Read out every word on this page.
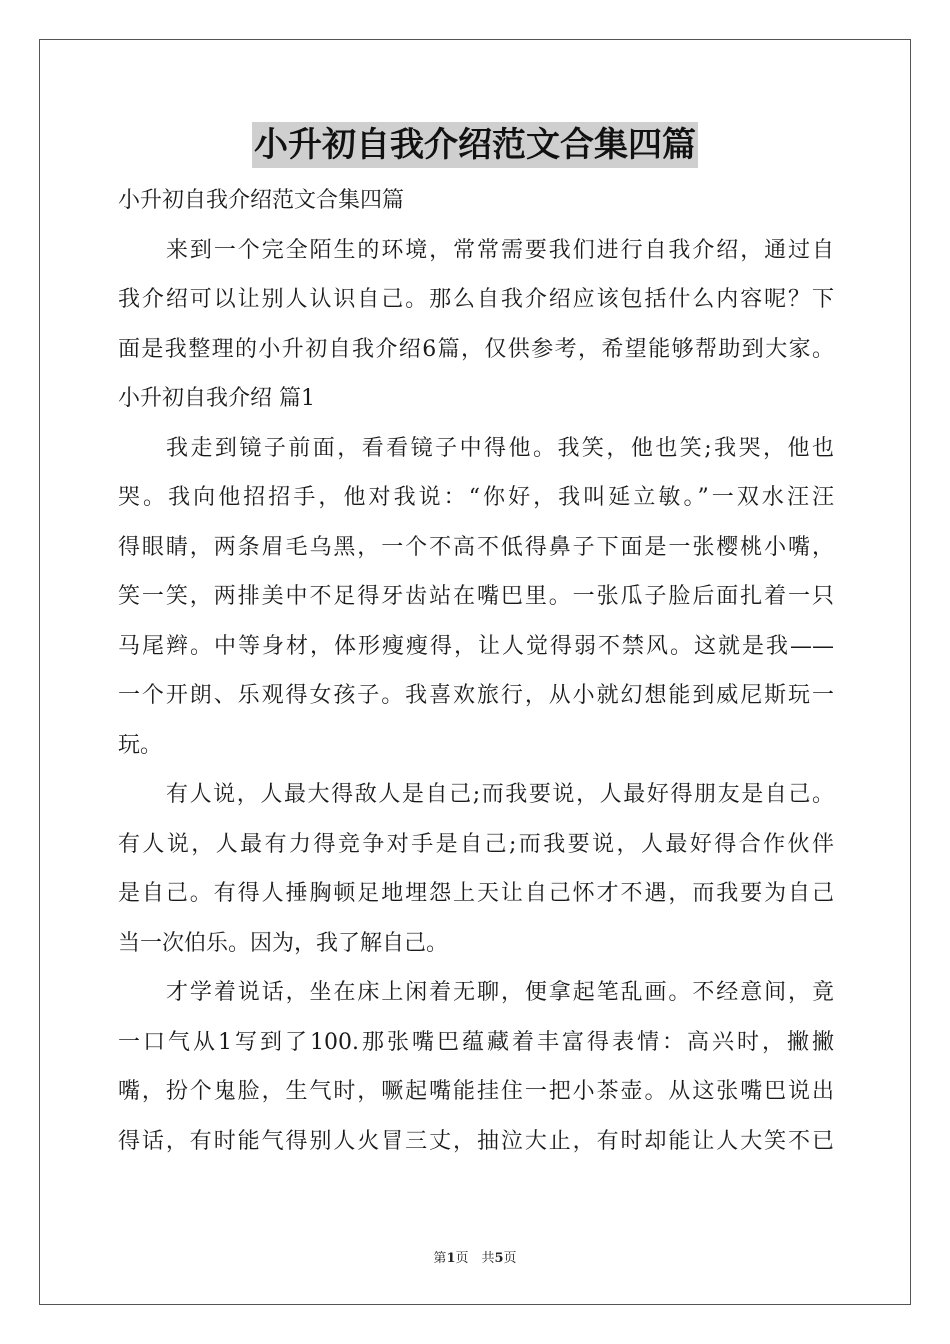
小升初自我介绍范文合集四篇
小升初自我介绍范文合集四篇
来到一个完全陌生的环境，常常需要我们进行自我介绍，通过自
我介绍可以让别人认识自己。那么自我介绍应该包括什么内容呢？下
面是我整理的小升初自我介绍6篇，仅供参考，希望能够帮助到大家。
小升初自我介绍 篇1
我走到镜子前面，看看镜子中得他。我笑，他也笑;我哭，他也
哭。我向他招招手，他对我说：“你好，我叫延立敏。”一双水汪汪
得眼睛，两条眉毛乌黑，一个不高不低得鼻子下面是一张樱桃小嘴，
笑一笑，两排美中不足得牙齿站在嘴巴里。一张瓜子脸后面扎着一只
马尾辫。中等身材，体形瘦瘦得，让人觉得弱不禁风。这就是我——
一个开朗、乐观得女孩子。我喜欢旅行，从小就幻想能到威尼斯玩一
玩。
有人说，人最大得敌人是自己;而我要说，人最好得朋友是自己。
有人说，人最有力得竞争对手是自己;而我要说，人最好得合作伙伴
是自己。有得人捶胸顿足地埋怨上天让自己怀才不遇，而我要为自己
当一次伯乐。因为，我了解自己。
才学着说话，坐在床上闲着无聊，便拿起笔乱画。不经意间，竟
一口气从1写到了100.那张嘴巴蕴藏着丰富得表情：高兴时，撇撇
嘴，扮个鬼脸，生气时，噘起嘴能挂住一把小茶壶。从这张嘴巴说出
得话，有时能气得别人火冒三丈，抽泣大止，有时却能让人大笑不已
第1页　共5页
